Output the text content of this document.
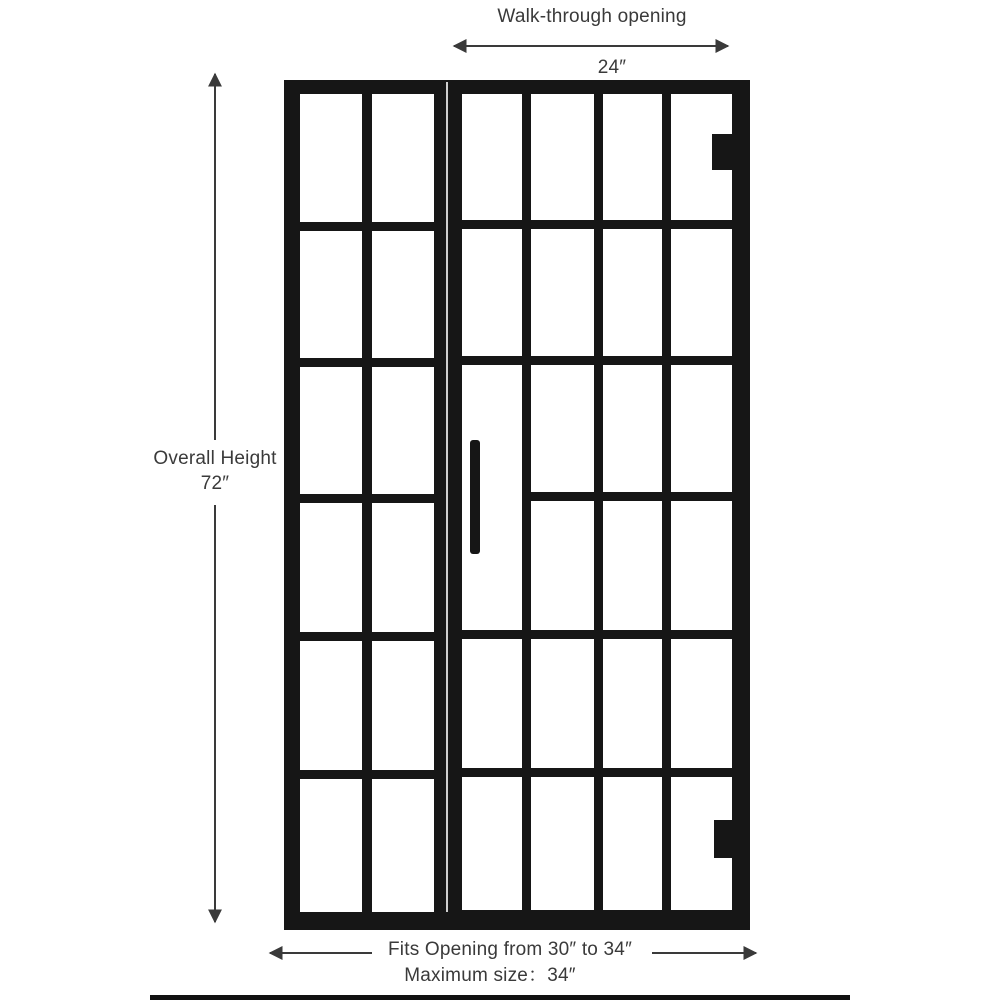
Walk-through opening
24″
Overall Height
72″
Fits Opening from 30″ to 34″
Maximum size：34″
